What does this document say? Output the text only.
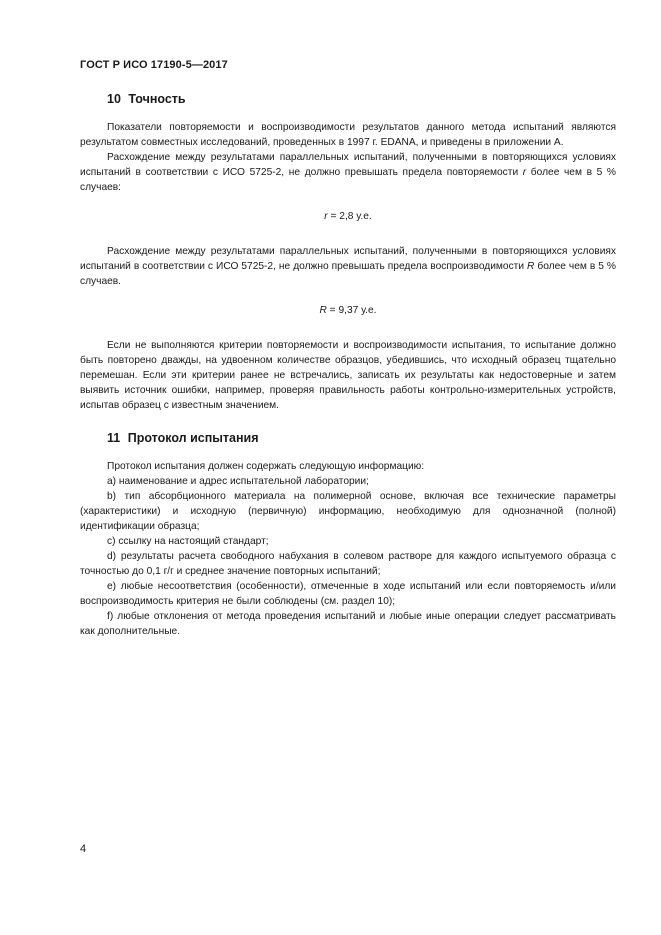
ГОСТ Р ИСО 17190-5—2017
10 Точность

Показатели повторяемости и воспроизводимости результатов данного метода испытаний являются результатом совместных исследований, проведенных в 1997 г. EDANA, и приведены в приложении А.

Расхождение между результатами параллельных испытаний, полученными в повторяющихся условиях испытаний в соответствии с ИСО 5725-2, не должно превышать предела повторяемости r более чем в 5 % случаев:

r = 2,8 у.е.

Расхождение между результатами параллельных испытаний, полученными в повторяющихся условиях испытаний в соответствии с ИСО 5725-2, не должно превышать предела воспроизводимости R более чем в 5 % случаев.

R = 9,37 у.е.

Если не выполняются критерии повторяемости и воспроизводимости испытания, то испытание должно быть повторено дважды, на удвоенном количестве образцов, убедившись, что исходный образец тщательно перемешан. Если эти критерии ранее не встречались, записать их результаты как недостоверные и затем выявить источник ошибки, например, проверяя правильность работы контрольно-измерительных устройств, испытав образец с известным значением.

11 Протокол испытания

Протокол испытания должен содержать следующую информацию:

a) наименование и адрес испытательной лаборатории;

b) тип абсорбционного материала на полимерной основе, включая все технические параметры (характеристики) и исходную (первичную) информацию, необходимую для однозначной (полной) идентификации образца;

c) ссылку на настоящий стандарт;

d) результаты расчета свободного набухания в солевом растворе для каждого испытуемого образца с точностью до 0,1 г/г и среднее значение повторных испытаний;

e) любые несоответствия (особенности), отмеченные в ходе испытаний или если повторяемость и/или воспроизводимость критерия не были соблюдены (см. раздел 10);

f) любые отклонения от метода проведения испытаний и любые иные операции следует рассматривать как дополнительные.

4
